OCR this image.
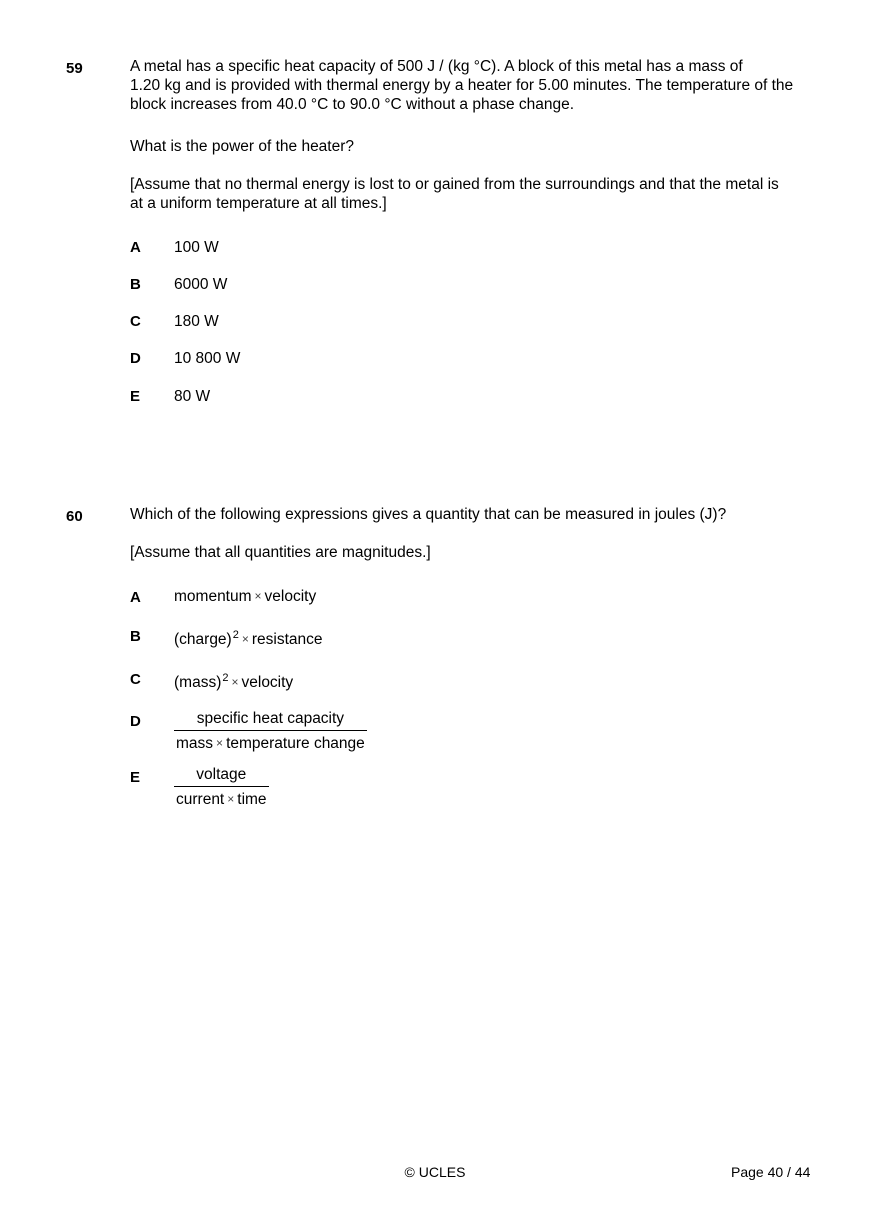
59	A metal has a specific heat capacity of 500 J / (kg °C). A block of this metal has a mass of
1.20 kg and is provided with thermal energy by a heater for 5.00 minutes. The temperature of the
block increases from 40.0 °C to 90.0 °C without a phase change.
What is the power of the heater?
[Assume that no thermal energy is lost to or gained from the surroundings and that the metal is
at a uniform temperature at all times.]
A 100 W
B 6000 W
C 180 W
D 10 800 W
E 80 W
60	Which of the following expressions gives a quantity that can be measured in joules (J)?
[Assume that all quantities are magnitudes.]
A momentum × velocity
B (charge)$^2$ × resistance
C (mass)$^2$ × velocity
D	specific heat capacity
mass × temperature change
E	voltage
current × time
© UCLES	Page 40 / 44
